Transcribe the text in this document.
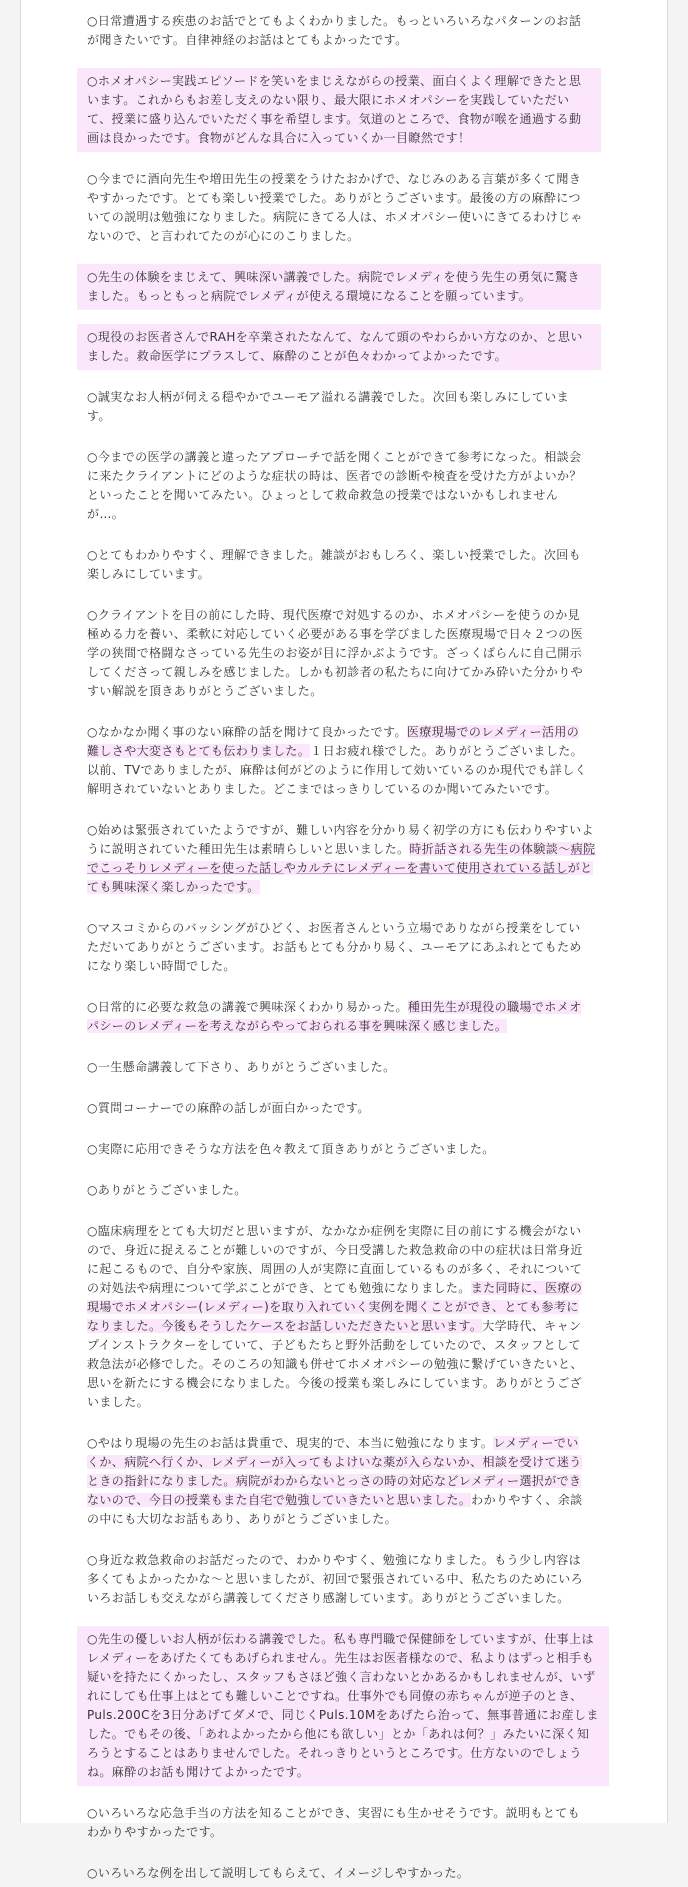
○日常遭遇する疾患のお話でとてもよくわかりました。もっといろいろなパターンのお話が聞きたいです。自律神経のお話はとてもよかったです。
○ホメオパシー実践エピソードを笑いをまじえながらの授業、面白くよく理解できたと思います。これからもお差し支えのない限り、最大限にホメオパシーを実践していただいて、授業に盛り込んでいただく事を希望します。気道のところで、食物が喉を通過する動画は良かったです。食物がどんな具合に入っていくか一目瞭然です！
○今までに酒向先生や増田先生の授業をうけたおかげで、なじみのある言葉が多くて聞きやすかったです。とても楽しい授業でした。ありがとうございます。最後の方の麻酔についての説明は勉強になりました。病院にきてる人は、ホメオパシー使いにきてるわけじゃないので、と言われてたのが心にのこりました。
○先生の体験をまじえて、興味深い講義でした。病院でレメディを使う先生の勇気に驚きました。もっともっと病院でレメディが使える環境になることを願っています。
○現役のお医者さんでRAHを卒業されたなんて、なんて頭のやわらかい方なのか、と思いました。救命医学にプラスして、麻酔のことが色々わかってよかったです。
○誠実なお人柄が伺える穏やかでユーモア溢れる講義でした。次回も楽しみにしています。
○今までの医学の講義と違ったアプローチで話を聞くことができて参考になった。相談会に来たクライアントにどのような症状の時は、医者での診断や検査を受けた方がよいか？といったことを聞いてみたい。ひょっとして救命救急の授業ではないかもしれませんが…。
○とてもわかりやすく、理解できました。雑談がおもしろく、楽しい授業でした。次回も楽しみにしています。
○クライアントを目の前にした時、現代医療で対処するのか、ホメオパシーを使うのか見極める力を養い、柔軟に対応していく必要がある事を学びました医療現場で日々２つの医学の狭間で格闘なさっている先生のお姿が目に浮かぶようです。ざっくばらんに自己開示してくださって親しみを感じました。しかも初診者の私たちに向けてかみ砕いた分かりやすい解説を頂きありがとうございました。
○なかなか聞く事のない麻酔の話を聞けて良かったです。医療現場でのレメディー活用の難しさや大変さもとても伝わりました。１日お疲れ様でした。ありがとうございました。以前、TVでありましたが、麻酔は何がどのように作用して効いているのか現代でも詳しく解明されていないとありました。どこまではっきりしているのか聞いてみたいです。
○始めは緊張されていたようですが、難しい内容を分かり易く初学の方にも伝わりやすいように説明されていた種田先生は素晴らしいと思いました。時折話される先生の体験談～病院でこっそりレメディーを使った話しやカルテにレメディーを書いて使用されている話しがとても興味深く楽しかったです。
○マスコミからのバッシングがひどく、お医者さんという立場でありながら授業をしていただいてありがとうございます。お話もとても分かり易く、ユーモアにあふれとてもためになり楽しい時間でした。
○日常的に必要な救急の講義で興味深くわかり易かった。種田先生が現役の職場でホメオパシーのレメディーを考えながらやっておられる事を興味深く感じました。
○一生懸命講義して下さり、ありがとうございました。
○質問コーナーでの麻酔の話しが面白かったです。
○実際に応用できそうな方法を色々教えて頂きありがとうございました。
○ありがとうございました。
○臨床病理をとても大切だと思いますが、なかなか症例を実際に目の前にする機会がないので、身近に捉えることが難しいのですが、今日受講した救急救命の中の症状は日常身近に起こるもので、自分や家族、周囲の人が実際に直面しているものが多く、それについての対処法や病理について学ぶことができ、とても勉強になりました。また同時に、医療の現場でホメオパシー(レメディー)を取り入れていく実例を聞くことができ、とても参考になりました。今後もそうしたケースをお話しいただきたいと思います。大学時代、キャンプインストラクターをしていて、子どもたちと野外活動をしていたので、スタッフとして救急法が必修でした。そのころの知識も併せてホメオパシーの勉強に繋げていきたいと、思いを新たにする機会になりました。今後の授業も楽しみにしています。ありがとうございました。
○やはり現場の先生のお話は貴重で、現実的で、本当に勉強になります。レメディーでいくか、病院へ行くか、レメディーが入ってもよけいな薬が入らないか、相談を受けて迷うときの指針になりました。病院がわからないとっさの時の対応などレメディー選択ができないので、今日の授業もまた自宅で勉強していきたいと思いました。わかりやすく、余談の中にも大切なお話もあり、ありがとうございました。
○身近な救急救命のお話だったので、わかりやすく、勉強になりました。もう少し内容は多くてもよかったかな～と思いましたが、初回で緊張されている中、私たちのためにいろいろお話しも交えながら講義してくださり感謝しています。ありがとうございました。
○先生の優しいお人柄が伝わる講義でした。私も専門職で保健師をしていますが、仕事上はレメディーをあげたくてもあげられません。先生はお医者様なので、私よりはずっと相手も疑いを持たにくかったし、スタッフもさほど強く言わないとかあるかもしれませんが、いずれにしても仕事上はとても難しいことですね。仕事外でも同僚の赤ちゃんが逆子のとき、Puls.200Cを3日分あげてダメで、同じくPuls.10Mをあげたら治って、無事普通にお産しました。でもその後、「あれよかったから他にも欲しい」とか「あれは何？」みたいに深く知ろうとすることはありませんでした。それっきりというところです。仕方ないのでしょうね。麻酔のお話も聞けてよかったです。
○いろいろな応急手当の方法を知ることができ、実習にも生かせそうです。説明もとてもわかりやすかったです。
○いろいろな例を出して説明してもらえて、イメージしやすかった。
